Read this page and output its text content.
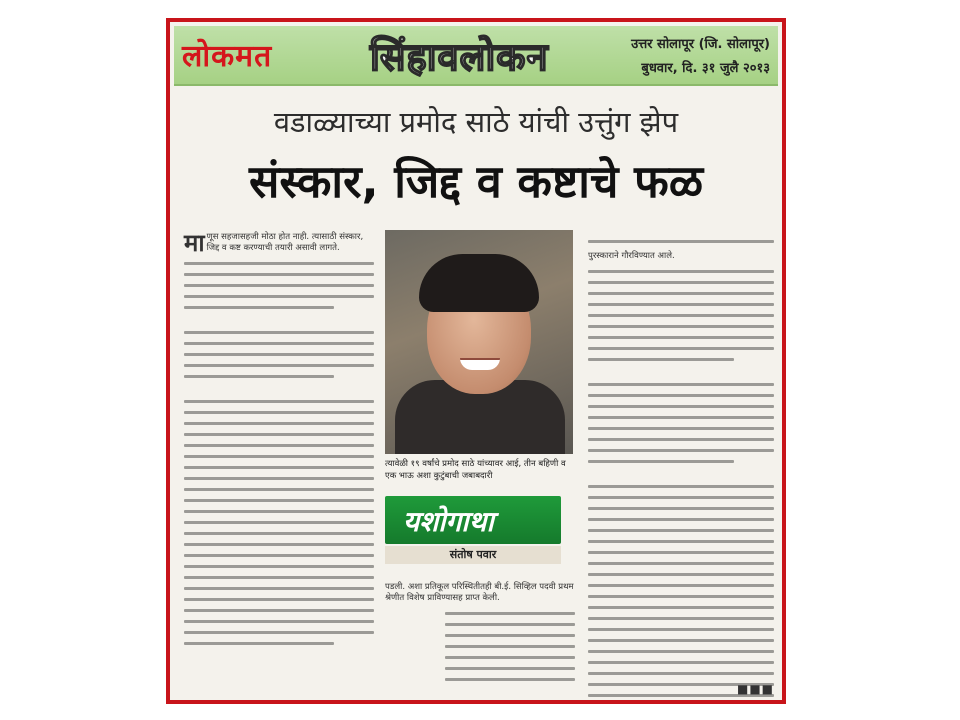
लोकमत	सिंहावलोकन	उत्तर सोलापूर (जि. सोलापूर)
बुधवार, दि. ३१ जुलै २०१३
वडाळ्याच्या प्रमोद साठे यांची उत्तुंग झेप
संस्कार, जिद्द व कष्टाचे फळ
मा णूस सहजासहजी मोठा होत नाही. त्यासाठी संस्कार, जिद्द व कष्ट करण्याची तयारी असावी लागते.
त्यावेळी १९ वर्षांचे प्रमोद साठे यांच्यावर आई, तीन बहिणी व एक भाऊ अशा कुटुंबाची जबाबदारी
यशोगाथा
संतोष पवार
पडली. अशा प्रतिकूल परिस्थितीतही बी.ई. सिव्हिल पदवी प्रथम श्रेणीत विशेष प्राविण्यासह प्राप्त केली.
पुरस्काराने गौरविण्यात आले.
■■■
